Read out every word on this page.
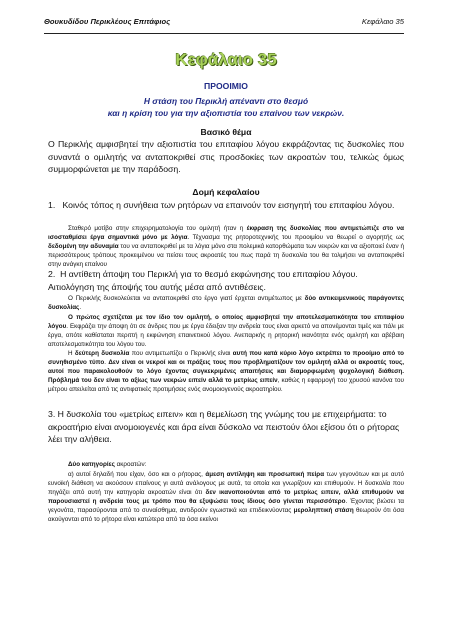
Θουκυδίδου Περικλέους Επιτάφιος	Κεφάλαιο 35
Κεφάλαιο 35
ΠΡΟΟΙΜΙΟ
Η στάση του Περικλή απέναντι στο θεσμό
και η κρίση του για την αξιοπιστία του επαίνου των νεκρών.
Βασικό θέμα

Ο Περικλής αμφισβητεί την αξιοπιστία του επιταφίου λόγου εκφράζοντας τις δυσκολίες που συναντά ο ομιλητής να ανταποκριθεί στις προσδοκίες των ακροατών του, τελικώς όμως συμμορφώνεται με την παράδοση.

Δομή κεφαλαίου

1.   Κοινός τόπος η συνήθεια των ρητόρων να επαινούν τον εισηγητή του επιταφίου λόγου.

Σταθερό μοτίβο στην επιχειρηματολογία του ομιλητή ήταν η έκφραση της δυσκολίας που αντιμετώπιζε στο να ισοσταθμίσει έργα σημαντικά μόνο με λόγια. Τέχνασμα της ρητοροτεχνικής του προοιμίου να θεωρεί ο αγορητής ως δεδομένη την αδυναμία του να ανταποκριθεί με τα λόγια μόνο στα πολεμικά κατορθώματα των νεκρών και να αξιοποιεί έναν ή περισσότερους τρόπους προκειμένου να πείσει τους ακροατές του πως παρά τη δυσκολία του θα τολμήσει να ανταποκριθεί στην ανάγκη επαίνου

2.  Η αντίθετη άποψη του Περικλή για το θεσμό εκφώνησης του επιταφίου λόγου. Αιτιολόγηση της άποψής του αυτής μέσα από αντιθέσεις.

Ο Περικλής δυσκολεύεται να ανταποκριθεί στο έργο γιατί έρχεται αντιμέτωπος με δύο αντικειμενικούς παράγοντες δυσκολίας.

Ο πρώτος σχετίζεται με τον ίδιο τον ομιλητή, ο οποίος αμφισβητεί την αποτελεσματικότητα του επιταφίου λόγου. Εκφράζει την άποψη ότι σε άνδρες που με έργα έδειξαν την ανδρεία τους είναι αρκετό να απονέμονται τιμές και πάλι με έργα, οπότε καθίσταται περιττή η εκφώνηση επαινετικού λόγου. Ανεπαρκής η ρητορική ικανότητα ενός ομιλητή και αβέβαιη αποτελεσματικότητα του λόγου του.

Η δεύτερη δυσκολία που αντιμετωπίζει ο Περικλής είναι αυτή που κατά κύριο λόγο εκτρέπει το προοίμιο από το συνηθισμένο τύπο. Δεν είναι οι νεκροί και οι πράξεις τους που προβληματίζουν τον ομιλητή αλλά οι ακροατές τους, αυτοί που παρακολουθούν το λόγο έχοντας συγκεκριμένες απαιτήσεις και διαμορφωμένη ψυχολογική διάθεση. Πρόβλημά του δεν είναι το αξίως των νεκρών ειπείν αλλά το μετρίως ειπείν, καθώς η εφαρμογή του χρυσού κανόνα του μέτρου απειλείται από τις αντιφατικές προτιμήσεις ενός ανομοιογενούς ακροατηρίου.

3. Η δυσκολία του «μετρίως ειπειν» και η θεμελίωση της γνώμης του με επιχειρήματα: το ακροατήριο είναι ανομοιογενές και άρα είναι δύσκολο να πειστούν όλοι εξίσου ότι ο ρήτορας λέει την αλήθεια.

Δύο κατηγορίες ακροατών:

α) αυτοί δηλαδή που είχαν, όσο και ο ρήτορας, άμεση αντίληψη και προσωπική πείρα των γεγονότων και με αυτό ευνοϊκή διάθεση να ακούσουν επαίνους γι αυτά ανάλογους με αυτά, τα οποία και γνωρίζουν και επιθυμούν. Η δυσκολία που πηγάζει από αυτή την κατηγορία ακροατών είναι ότι δεν ικανοποιούνται από το μετρίως ειπειν, αλλά επιθυμούν να παρουσιαστεί η ανδρεία τους με τρόπο που θα εξυψώσει τους ίδιους όσο γίνεται περισσότερο. Έχοντας βιώσει τα γεγονότα, παρασύρονται από το συναίσθημα, αντιδρούν εγωιστικά και επιδεικνύοντας μεροληπτική στάση θεωρούν ότι όσα ακούγονται από το ρήτορα είναι κατώτερα από τα όσα εκείνοι
